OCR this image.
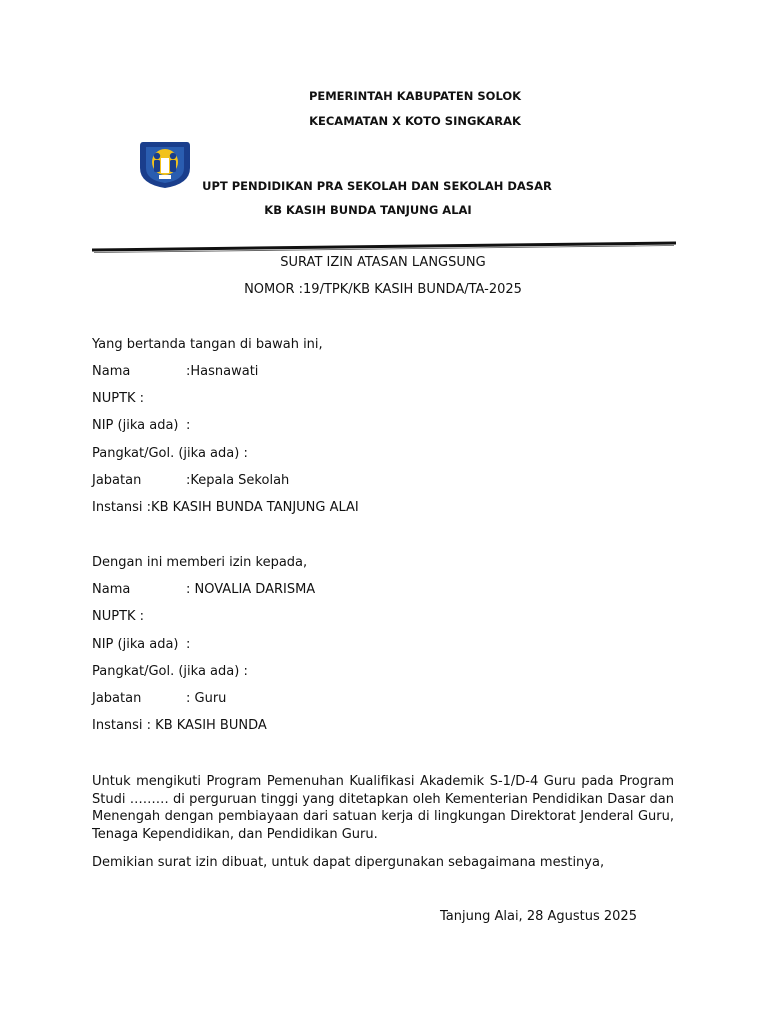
PEMERINTAH KABUPATEN SOLOK
KECAMATAN X KOTO SINGKARAK
UPT PENDIDIKAN PRA SEKOLAH DAN SEKOLAH DASAR
KB KASIH BUNDA TANJUNG ALAI
SURAT IZIN ATASAN LANGSUNG
NOMOR :19/TPK/KB KASIH BUNDA/TA-2025
Yang bertanda tangan di bawah ini,
Nama	:Hasnawati
NUPTK :
NIP (jika ada) :
Pangkat/Gol. (jika ada) :
Jabatan	:Kepala Sekolah
Instansi :KB KASIH BUNDA TANJUNG ALAI
Dengan ini memberi izin kepada,
Nama	: NOVALIA DARISMA
NUPTK :
NIP (jika ada) :
Pangkat/Gol. (jika ada) :
Jabatan	: Guru
Instansi : KB KASIH BUNDA
Untuk mengikuti Program Pemenuhan Kualifikasi Akademik S-1/D-4 Guru pada Program Studi ……… di perguruan tinggi yang ditetapkan oleh Kementerian Pendidikan Dasar dan Menengah dengan pembiayaan dari satuan kerja di lingkungan Direktorat Jenderal Guru, Tenaga Kependidikan, dan Pendidikan Guru.
Demikian surat izin dibuat, untuk dapat dipergunakan sebagaimana mestinya,
Tanjung Alai, 28 Agustus 2025
